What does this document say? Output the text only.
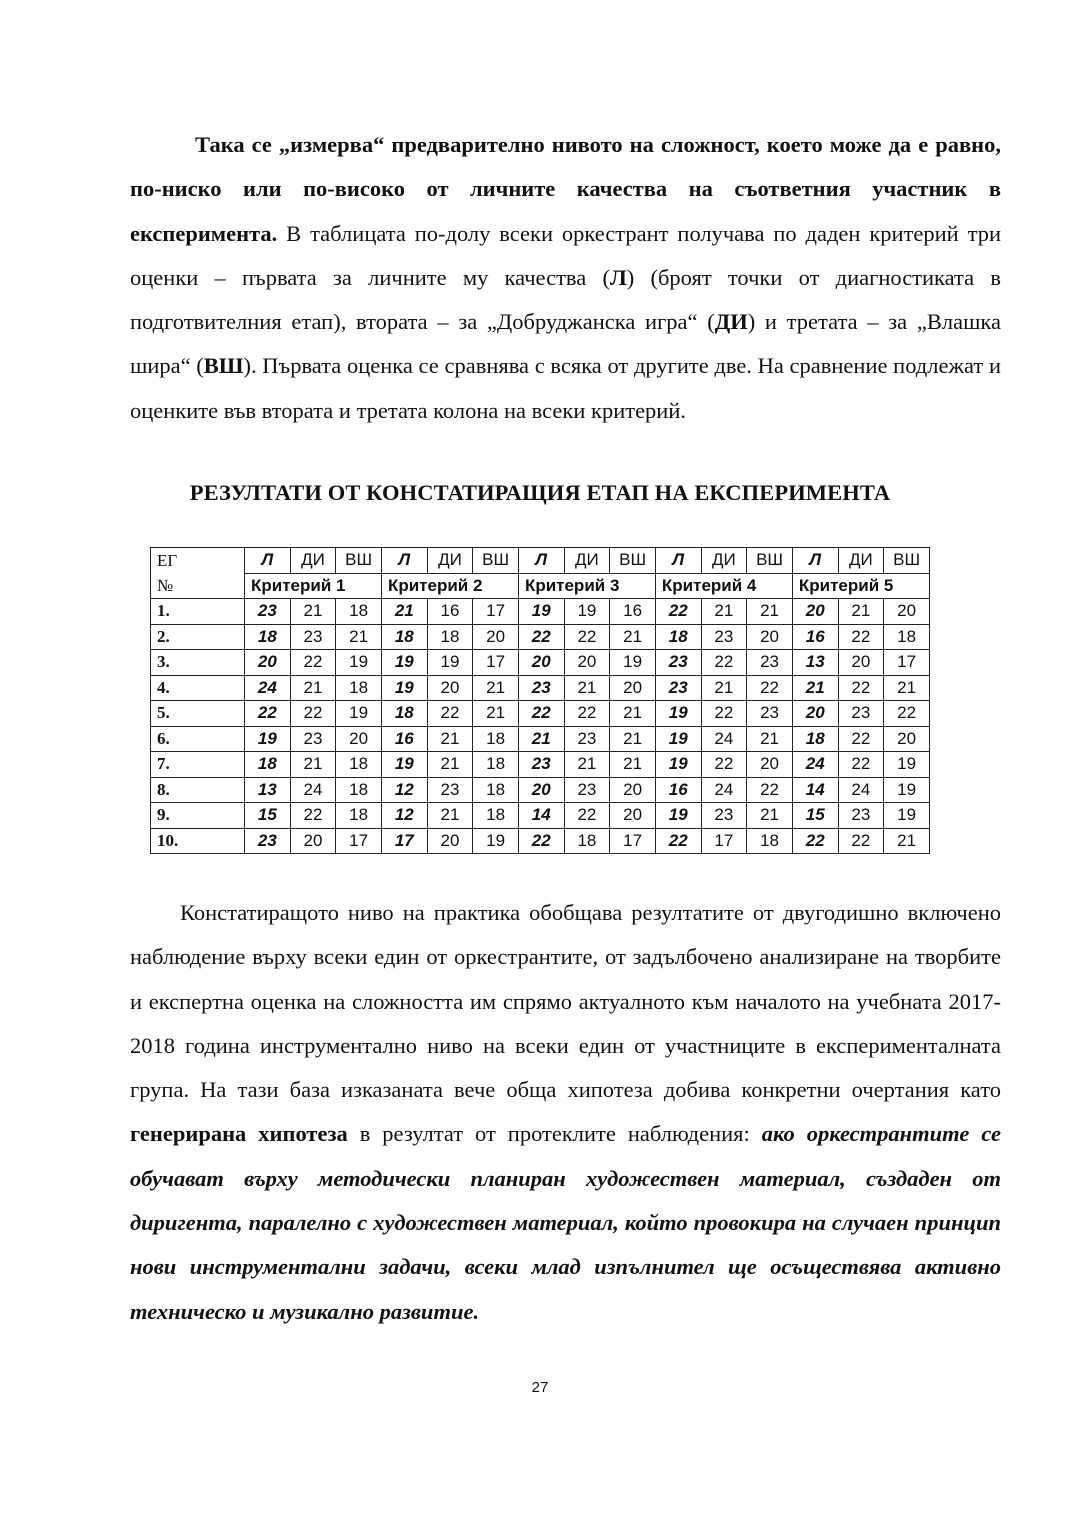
Така се „измерва“ предварително нивото на сложност, което може да е равно, по-ниско или по-високо от личните качества на съответния участник в експеримента. В таблицата по-долу всеки оркестрант получава по даден критерий три оценки – първата за личните му качества (Л) (броят точки от диагностиката в подготвителния етап), втората – за „Добруджанска игра“ (ДИ) и третата – за „Влашка шира“ (ВШ). Първата оценка се сравнява с всяка от другите две. На сравнение подлежат и оценките във втората и третата колона на всеки критерий.
РЕЗУЛТАТИ ОТ КОНСТАТИРАЩИЯ ЕТАП НА ЕКСПЕРИМЕНТА
ЕГ	Л	ДИ	ВШ	Л	ДИ	ВШ	Л	ДИ	ВШ	Л	ДИ	ВШ	Л	ДИ	ВШ
№	Критерий 1			Критерий 2			Критерий 3			Критерий 4			Критерий 5		
1.	23	21	18	21	16	17	19	19	16	22	21	21	20	21	20
2.	18	23	21	18	18	20	22	22	21	18	23	20	16	22	18
3.	20	22	19	19	19	17	20	20	19	23	22	23	13	20	17
4.	24	21	18	19	20	21	23	21	20	23	21	22	21	22	21
5.	22	22	19	18	22	21	22	22	21	19	22	23	20	23	22
6.	19	23	20	16	21	18	21	23	21	19	24	21	18	22	20
7.	18	21	18	19	21	18	23	21	21	19	22	20	24	22	19
8.	13	24	18	12	23	18	20	23	20	16	24	22	14	24	19
9.	15	22	18	12	21	18	14	22	20	19	23	21	15	23	19
10.	23	20	17	17	20	19	22	18	17	22	17	18	22	22	21
Констатиращото ниво на практика обобщава резултатите от двугодишно включено наблюдение върху всеки един от оркестрантите, от задълбочено анализиране на творбите и експертна оценка на сложността им спрямо актуалното към началото на учебната 2017-2018 година инструментално ниво на всеки един от участниците в експерименталната група. На тази база изказаната вече обща хипотеза добива конкретни очертания като генерирана хипотеза в резултат от протеклите наблюдения: ако оркестрантите се обучават върху методически планиран художествен материал, създаден от диригента, паралелно с художествен материал, който провокира на случаен принцип нови инструментални задачи, всеки млад изпълнител ще осъществява активно техническо и музикално развитие.
27
